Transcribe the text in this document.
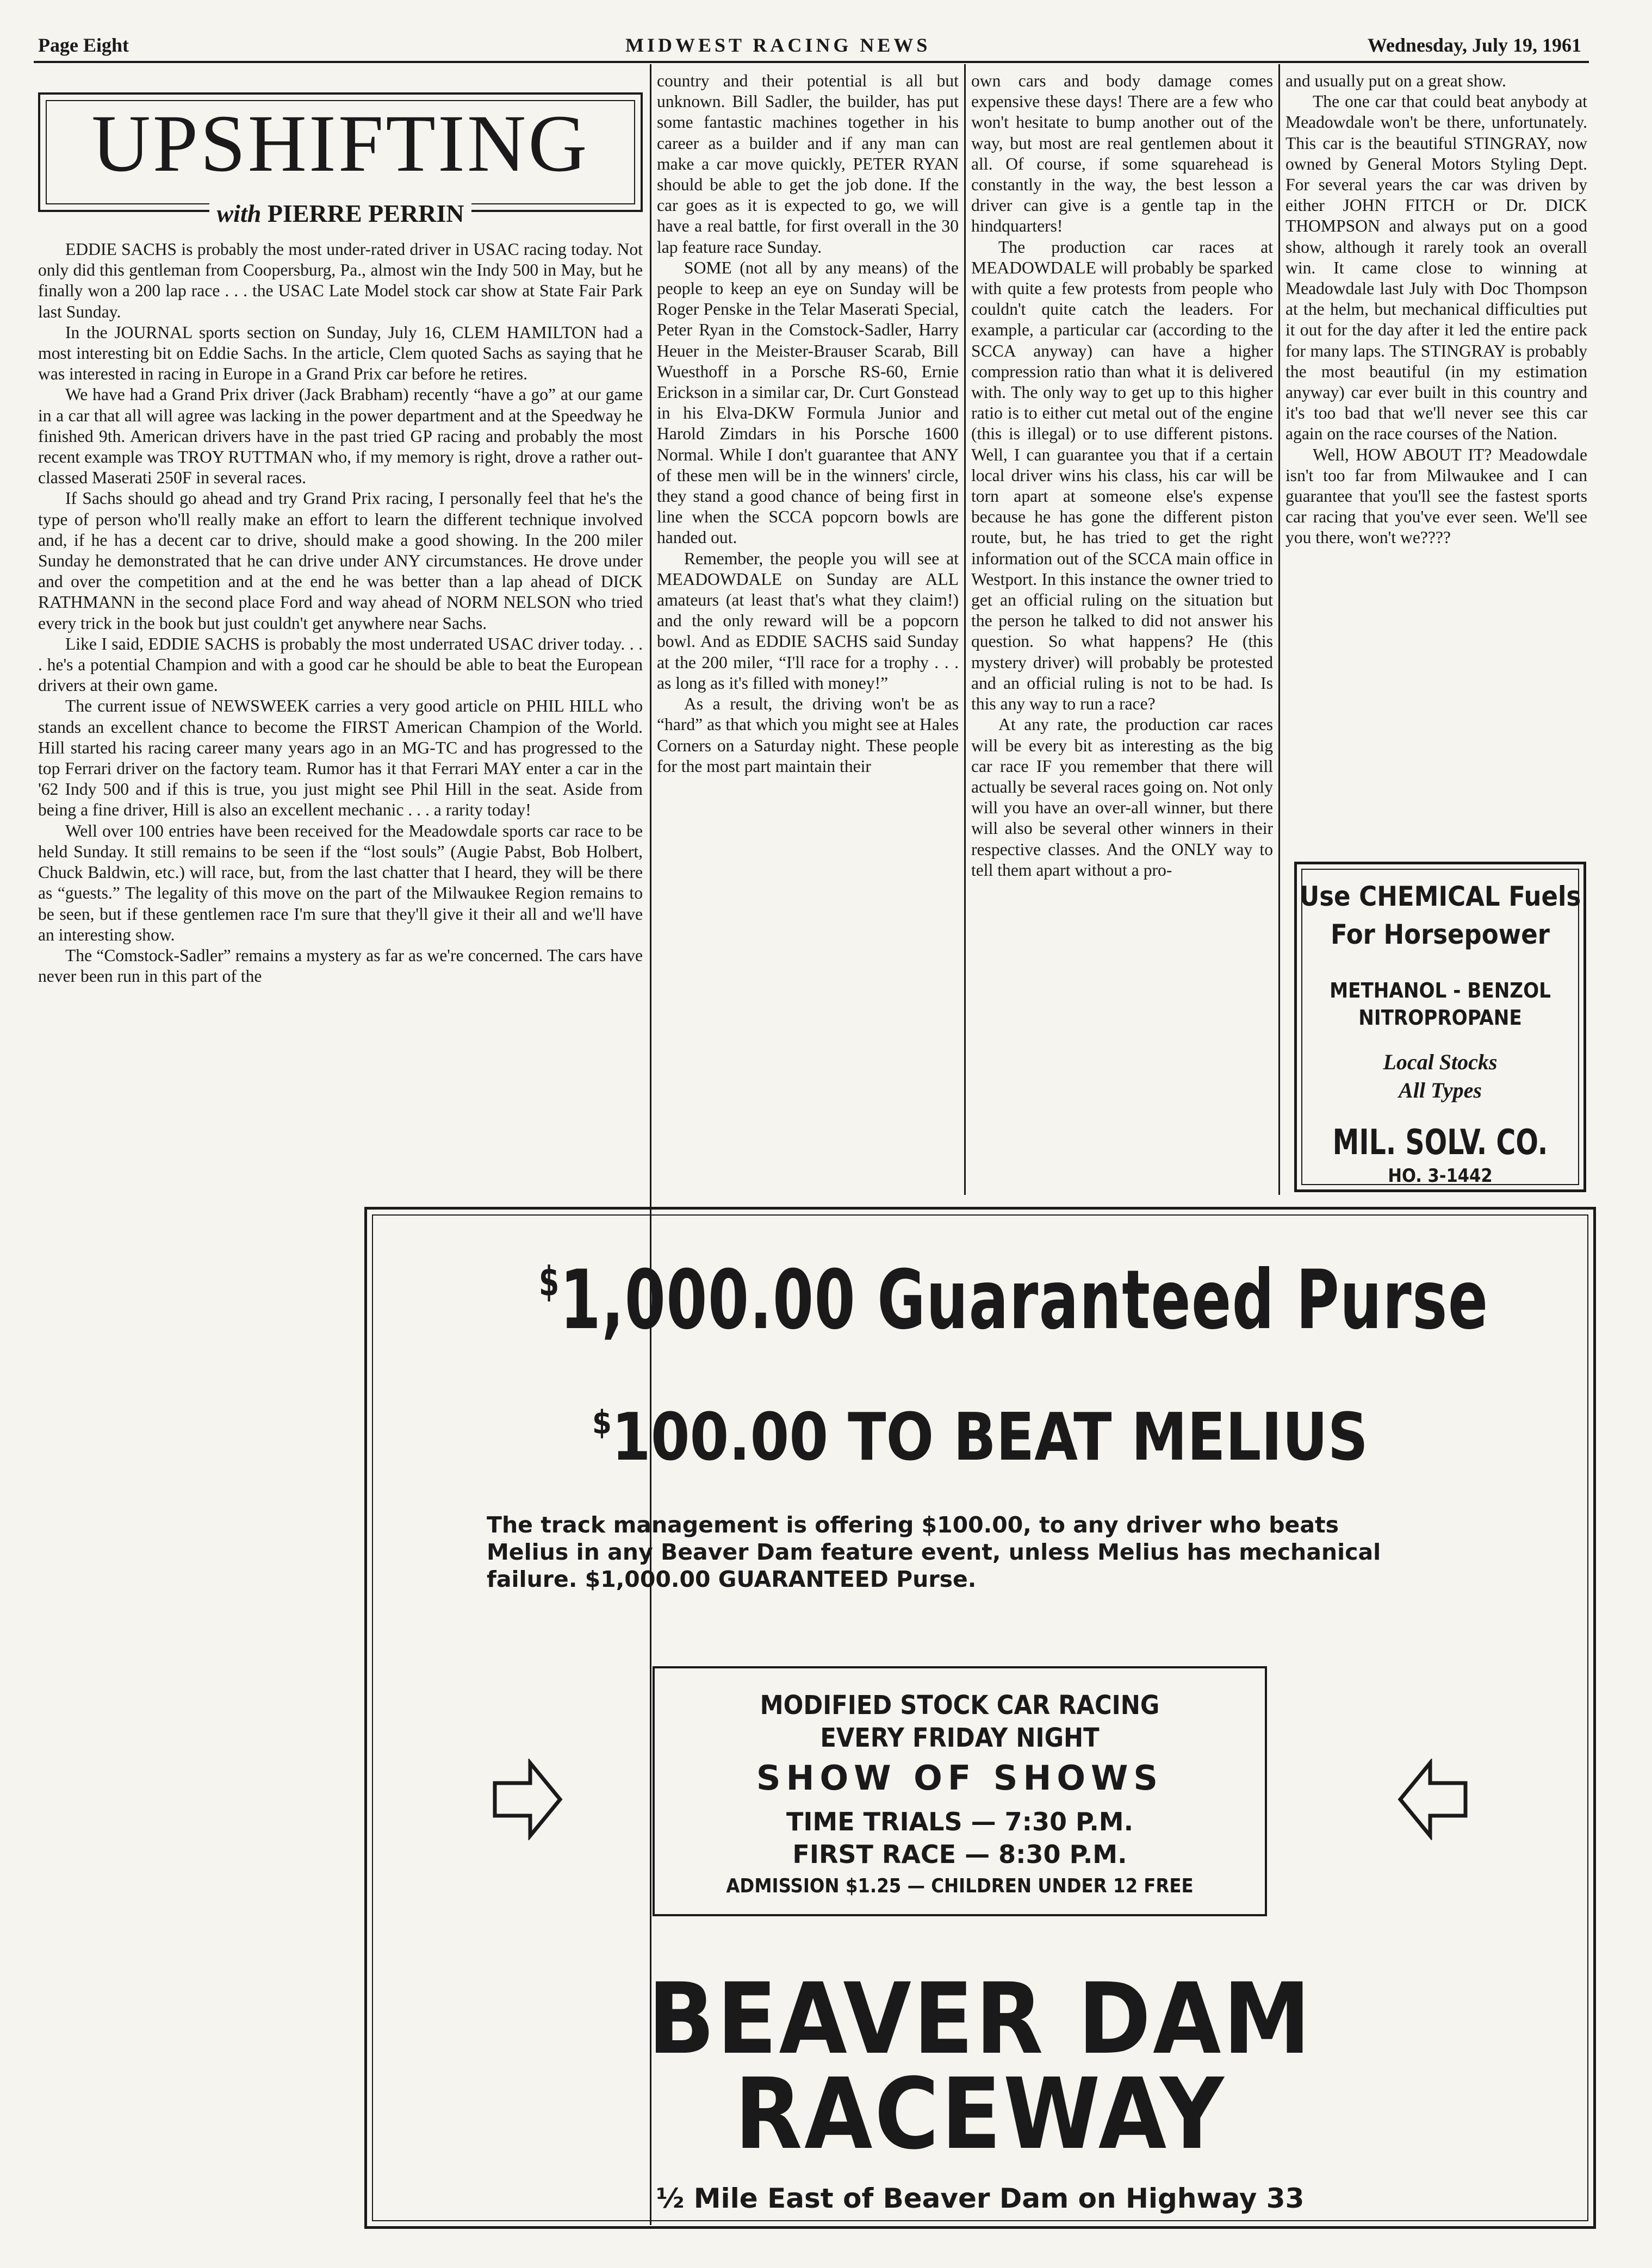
Page Eight	MIDWEST RACING NEWS	Wednesday, July 19, 1961
UPSHIFTING
with PIERRE PERRIN

EDDIE SACHS is probably the most under-rated driver in USAC racing today. Not only did this gentleman from Coopersburg, Pa., almost win the Indy 500 in May, but he finally won a 200 lap race . . . the USAC Late Model stock car show at State Fair Park last Sunday.

In the JOURNAL sports section on Sunday, July 16, CLEM HAMILTON had a most interesting bit on Eddie Sachs. In the article, Clem quoted Sachs as saying that he was interested in racing in Europe in a Grand Prix car before he retires.

We have had a Grand Prix driver (Jack Brabham) recently “have a go” at our game in a car that all will agree was lacking in the power department and at the Speedway he finished 9th. American drivers have in the past tried GP racing and probably the most recent example was TROY RUTTMAN who, if my memory is right, drove a rather out-classed Maserati 250F in several races.

If Sachs should go ahead and try Grand Prix racing, I personally feel that he's the type of person who'll really make an effort to learn the different technique involved and, if he has a decent car to drive, should make a good showing. In the 200 miler Sunday he demonstrated that he can drive under ANY circumstances. He drove under and over the competition and at the end he was better than a lap ahead of DICK RATHMANN in the second place Ford and way ahead of NORM NELSON who tried every trick in the book but just couldn't get anywhere near Sachs.

Like I said, EDDIE SACHS is probably the most underrated USAC driver today. . . . he's a potential Champion and with a good car he should be able to beat the European drivers at their own game.

The current issue of NEWSWEEK carries a very good article on PHIL HILL who stands an excellent chance to become the FIRST American Champion of the World. Hill started his racing career many years ago in an MG-TC and has progressed to the top Ferrari driver on the factory team. Rumor has it that Ferrari MAY enter a car in the '62 Indy 500 and if this is true, you just might see Phil Hill in the seat. Aside from being a fine driver, Hill is also an excellent mechanic . . . a rarity today!

Well over 100 entries have been received for the Meadowdale sports car race to be held Sunday. It still remains to be seen if the “lost souls” (Augie Pabst, Bob Holbert, Chuck Baldwin, etc.) will race, but, from the last chatter that I heard, they will be there as “guests.” The legality of this move on the part of the Milwaukee Region remains to be seen, but if these gentlemen race I'm sure that they'll give it their all and we'll have an interesting show.

The “Comstock-Sadler” remains a mystery as far as we're concerned. The cars have never been run in this part of the

country and their potential is all but unknown. Bill Sadler, the builder, has put some fantastic machines together in his career as a builder and if any man can make a car move quickly, PETER RYAN should be able to get the job done. If the car goes as it is expected to go, we will have a real battle, for first overall in the 30 lap feature race Sunday.

SOME (not all by any means) of the people to keep an eye on Sunday will be Roger Penske in the Telar Maserati Special, Peter Ryan in the Comstock-Sadler, Harry Heuer in the Meister-Brauser Scarab, Bill Wuesthoff in a Porsche RS-60, Ernie Erickson in a similar car, Dr. Curt Gonstead in his Elva-DKW Formula Junior and Harold Zimdars in his Porsche 1600 Normal. While I don't guarantee that ANY of these men will be in the winners' circle, they stand a good chance of being first in line when the SCCA popcorn bowls are handed out.

Remember, the people you will see at MEADOWDALE on Sunday are ALL amateurs (at least that's what they claim!) and the only reward will be a popcorn bowl. And as EDDIE SACHS said Sunday at the 200 miler, “I'll race for a trophy . . . as long as it's filled with money!”

As a result, the driving won't be as “hard” as that which you might see at Hales Corners on a Saturday night. These people for the most part maintain their

own cars and body damage comes expensive these days! There are a few who won't hesitate to bump another out of the way, but most are real gentlemen about it all. Of course, if some squarehead is constantly in the way, the best lesson a driver can give is a gentle tap in the hindquarters!

The production car races at MEADOWDALE will probably be sparked with quite a few protests from people who couldn't quite catch the leaders. For example, a particular car (according to the SCCA anyway) can have a higher compression ratio than what it is delivered with. The only way to get up to this higher ratio is to either cut metal out of the engine (this is illegal) or to use different pistons. Well, I can guarantee you that if a certain local driver wins his class, his car will be torn apart at someone else's expense because he has gone the different piston route, but, he has tried to get the right information out of the SCCA main office in Westport. In this instance the owner tried to get an official ruling on the situation but the person he talked to did not answer his question. So what happens? He (this mystery driver) will probably be protested and an official ruling is not to be had. Is this any way to run a race?

At any rate, the production car races will be every bit as interesting as the big car race IF you remember that there will actually be several races going on. Not only will you have an over-all winner, but there will also be several other winners in their respective classes. And the ONLY way to tell them apart without a pro-

and usually put on a great show.

The one car that could beat anybody at Meadowdale won't be there, unfortunately. This car is the beautiful STINGRAY, now owned by General Motors Styling Dept. For several years the car was driven by either JOHN FITCH or Dr. DICK THOMPSON and always put on a good show, although it rarely took an overall win. It came close to winning at Meadowdale last July with Doc Thompson at the helm, but mechanical difficulties put it out for the day after it led the entire pack for many laps. The STINGRAY is probably the most beautiful (in my estimation anyway) car ever built in this country and it's too bad that we'll never see this car again on the race courses of the Nation.

Well, HOW ABOUT IT? Meadowdale isn't too far from Milwaukee and I can guarantee that you'll see the fastest sports car racing that you've ever seen. We'll see you there, won't we????

Use CHEMICAL Fuels
For Horsepower
METHANOL - BENZOL
NITROPROPANE
Local Stocks
All Types
MIL. SOLV. CO.
HO. 3-1442
$1,000.00 Guaranteed Purse
$100.00 TO BEAT MELIUS
The track management is offering $100.00, to any driver who beats Melius in any Beaver Dam feature event, unless Melius has mechanical failure. $1,000.00 GUARANTEED Purse.
MODIFIED STOCK CAR RACING
EVERY FRIDAY NIGHT
SHOW OF SHOWS
TIME TRIALS — 7:30 P.M.
FIRST RACE — 8:30 P.M.
ADMISSION $1.25 — CHILDREN UNDER 12 FREE
BEAVER DAM
RACEWAY
½ Mile East of Beaver Dam on Highway 33
